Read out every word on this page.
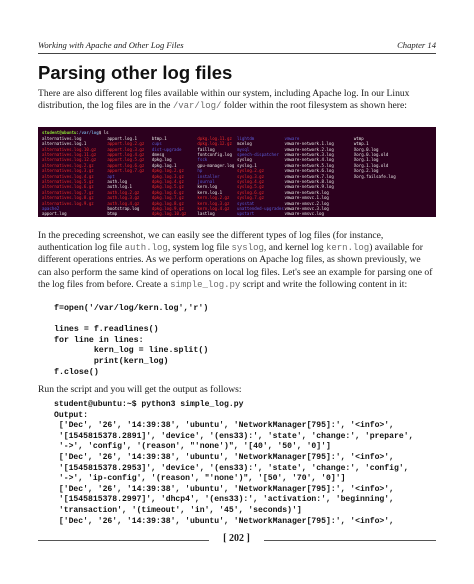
Working with Apache and Other Log Files	Chapter 14
Parsing other log files

There are also different log files available within our system, including Apache log. In our Linux distribution, the log files are in the /var/log/ folder within the root filesystem as shown here:

student@ubuntu:/var/log$ ls
alternatives.log
alternatives.log.1
alternatives.log.10.gz
alternatives.log.11.gz
alternatives.log.12.gz
alternatives.log.2.gz
alternatives.log.3.gz
alternatives.log.4.gz
alternatives.log.5.gz
alternatives.log.6.gz
alternatives.log.7.gz
alternatives.log.8.gz
alternatives.log.9.gz
apache2
apport.log
apport.log.1
apport.log.2.gz
apport.log.3.gz
apport.log.4.gz
apport.log.5.gz
apport.log.6.gz
apport.log.7.gz
apt
auth.log
auth.log.1
auth.log.2.gz
auth.log.3.gz
auth.log.4.gz
bootstrap.log
btmp
btmp.1
cups
dist-upgrade
dmesg
dpkg.log
dpkg.log.1
dpkg.log.2.gz
dpkg.log.3.gz
dpkg.log.4.gz
dpkg.log.5.gz
dpkg.log.6.gz
dpkg.log.7.gz
dpkg.log.8.gz
dpkg.log.9.gz
dpkg.log.10.gz
dpkg.log.11.gz
dpkg.log.12.gz
faillog
fontconfig.log
fsck
gpu-manager.log
hp
installer
journal
kern.log
kern.log.1
kern.log.2.gz
kern.log.3.gz
kern.log.4.gz
lastlog
lightdm
mcelog
mysql
speech-dispatcher
syslog
syslog.1
syslog.2.gz
syslog.3.gz
syslog.4.gz
syslog.5.gz
syslog.6.gz
syslog.7.gz
sysstat
unattended-upgrades
upstart
vmware
vmware-network.1.log
vmware-network.2.log
vmware-network.3.log
vmware-network.4.log
vmware-network.5.log
vmware-network.6.log
vmware-network.7.log
vmware-network.8.log
vmware-network.9.log
vmware-network.log
vmware-vmsvc.1.log
vmware-vmsvc.2.log
vmware-vmsvc.3.log
vmware-vmsvc.log
wtmp
wtmp.1
Xorg.0.log
Xorg.0.log.old
Xorg.1.log
Xorg.1.log.old
Xorg.2.log
Xorg.failsafe.log

In the preceding screenshot, we can easily see the different types of log files (for instance, authentication log file auth.log, system log file syslog, and kernel log kern.log) available for different operations entries. As we perform operations on Apache log files, as shown previously, we can also perform the same kind of operations on local log files. Let's see an example for parsing one of the log files from before. Create a simple_log.py script and write the following content in it:

f=open('/var/log/kern.log','r')

lines = f.readlines()
for line in lines:
kern_log = line.split()
print(kern_log)
f.close()

Run the script and you will get the output as follows:

student@ubuntu:~$ python3 simple_log.py
Output:
['Dec', '26', '14:39:38', 'ubuntu', 'NetworkManager[795]:', '<info>',
'[1545815378.2891]', 'device', '(ens33):', 'state', 'change:', 'prepare',
'->', 'config', '(reason', "'none')", '[40', '50', '0]']
['Dec', '26', '14:39:38', 'ubuntu', 'NetworkManager[795]:', '<info>',
'[1545815378.2953]', 'device', '(ens33):', 'state', 'change:', 'config',
'->', 'ip-config', '(reason', "'none')", '[50', '70', '0]']
['Dec', '26', '14:39:38', 'ubuntu', 'NetworkManager[795]:', '<info>',
'[1545815378.2997]', 'dhcp4', '(ens33):', 'activation:', 'beginning',
'transaction', '(timeout', 'in', '45', 'seconds)']
['Dec', '26', '14:39:38', 'ubuntu', 'NetworkManager[795]:', '<info>',
[ 202 ]
